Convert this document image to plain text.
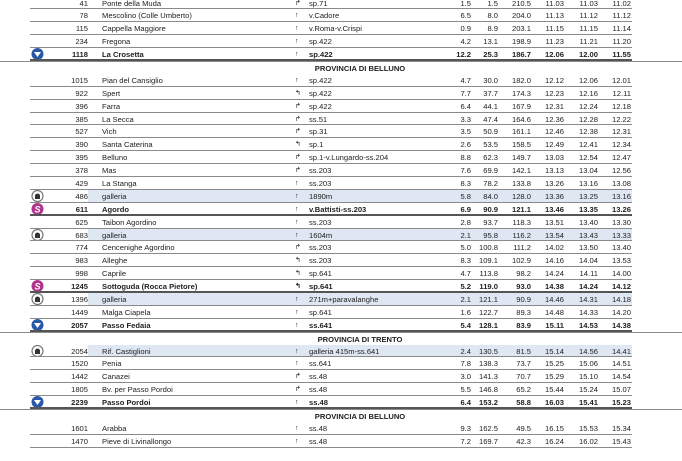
↱
41 Ponte della Muda	sp.71	1.5 1.5 210.5 11.03 11.03 11.02
↑
78 Mescolino (Colle Umberto)	v.Cadore	6.5 8.0 204.0 11.13 11.12 11.12
↑
115 Cappella Maggiore	v.Roma-v.Crispi	0.9 8.9 203.1 11.15 11.15 11.14
↑
234 Fregona	sp.422	4.2 13.1 198.9 11.23 11.21 11.20
↑
1118 La Crosetta	sp.422	12.2 25.3 186.7 12.06 12.00 11.55
PROVINCIA DI BELLUNO
↑
1015 Pian del Cansiglio	sp.422	4.7 30.0 182.0 12.12 12.06 12.01
↰
922 Spert	sp.422	7.7 37.7 174.3 12.23 12.16 12.11
↱
396 Farra	sp.422	6.4 44.1 167.9 12.31 12.24 12.18
↱
385 La Secca	ss.51	3.3 47.4 164.6 12.36 12.28 12.22
↱
527 Vich	sp.31	3.5 50.9 161.1 12.46 12.38 12.31
↰
390 Santa Caterina	sp.1	2.6 53.5 158.5 12.49 12.41 12.34
↱
395 Belluno	sp.1-v.Lungardo-ss.204	8.8 62.3 149.7 13.03 12.54 12.47
↱
378 Mas	ss.203	7.6 69.9 142.1 13.13 13.04 12.56
↑
429 La Stanga	ss.203	8.3 78.2 133.8 13.26 13.16 13.08
↑
486 galleria	1890m	5.8 84.0 128.0 13.36 13.25 13.16
S	↑
611 Agordo	v.Battisti-ss.203	6.9 90.9 121.1 13.46 13.35 13.26
↑
625 Taibon Agordino	ss.203	2.8 93.7 118.3 13.51 13.40 13.30
↑
683 galleria	1604m	2.1 95.8 116.2 13.54 13.43 13.33
↱
774 Cencenighe Agordino	ss.203	5.0 100.8 111.2 14.02 13.50 13.40
↰
983 Alleghe	ss.203	8.3 109.1 102.9 14.16 14.04 13.53
↰
998 Caprile	sp.641	4.7 113.8 98.2 14.24 14.11 14.00
S	↰
1245 Sottoguda (Rocca Pietore)	sp.641	5.2 119.0 93.0 14.38 14.24 14.12
↑
1396 galleria	271m+paravalanghe	2.1 121.1 90.9 14.46 14.31 14.18
↑
1449 Malga Ciapela	sp.641	1.6 122.7 89.3 14.48 14.33 14.20
↑
2057 Passo Fedaia	ss.641	5.4 128.1 83.9 15.11 14.53 14.38
PROVINCIA DI TRENTO
↑
2054 Rif. Castiglioni	galleria 415m-ss.641	2.4 130.5 81.5 15.14 14.56 14.41
↑
1520 Penia	ss.641	7.8 138.3 73.7 15.25 15.06 14.51
↱
1442 Canazei	ss.48	3.0 141.3 70.7 15.29 15.10 14.54
↱
1805 Bv. per Passo Pordoi	ss.48	5.5 146.8 65.2 15.44 15.24 15.07
↑
2239 Passo Pordoi	ss.48	6.4 153.2 58.8 16.03 15.41 15.23
PROVINCIA DI BELLUNO
↑
1601 Arabba	ss.48	9.3 162.5 49.5 16.15 15.53 15.34
↑
1470 Pieve di Livinallongo	ss.48	7.2 169.7 42.3 16.24 16.02 15.43
